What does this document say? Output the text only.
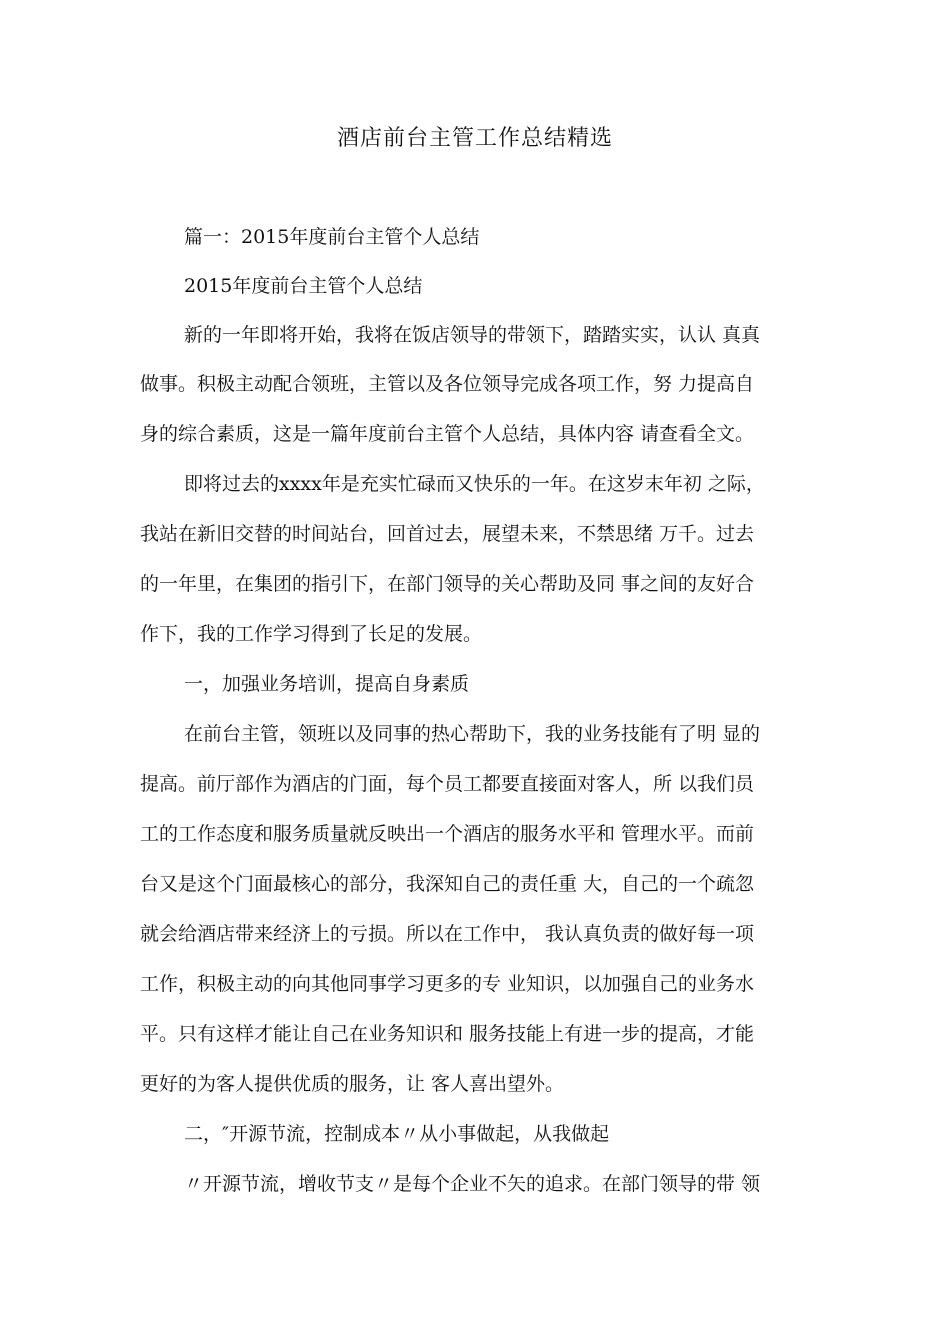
酒店前台主管工作总结精选
篇一：2015年度前台主管个人总结
2015年度前台主管个人总结
新的一年即将开始，我将在饭店领导的带领下，踏踏实实，认认 真真
做事。积极主动配合领班，主管以及各位领导完成各项工作，努 力提高自
身的综合素质，这是一篇年度前台主管个人总结，具体内容 请查看全文。
即将过去的xxxx年是充实忙碌而又快乐的一年。在这岁末年初 之际，
我站在新旧交替的时间站台，回首过去，展望未来，不禁思绪 万千。过去
的一年里，在集团的指引下，在部门领导的关心帮助及同 事之间的友好合
作下，我的工作学习得到了长足的发展。
一，加强业务培训，提高自身素质
在前台主管，领班以及同事的热心帮助下，我的业务技能有了明 显的
提高。前厅部作为酒店的门面，每个员工都要直接面对客人，所 以我们员
工的工作态度和服务质量就反映出一个酒店的服务水平和 管理水平。而前
台又是这个门面最核心的部分，我深知自己的责任重 大，自己的一个疏忽
就会给酒店带来经济上的亏损。所以在工作中， 我认真负责的做好每一项
工作，积极主动的向其他同事学习更多的专 业知识，以加强自己的业务水
平。只有这样才能让自己在业务知识和 服务技能上有进一步的提高，才能
更好的为客人提供优质的服务，让 客人喜出望外。
二，″开源节流，控制成本〃从小事做起，从我做起
〃开源节流，增收节支〃是每个企业不矢的追求。在部门领导的带 领
